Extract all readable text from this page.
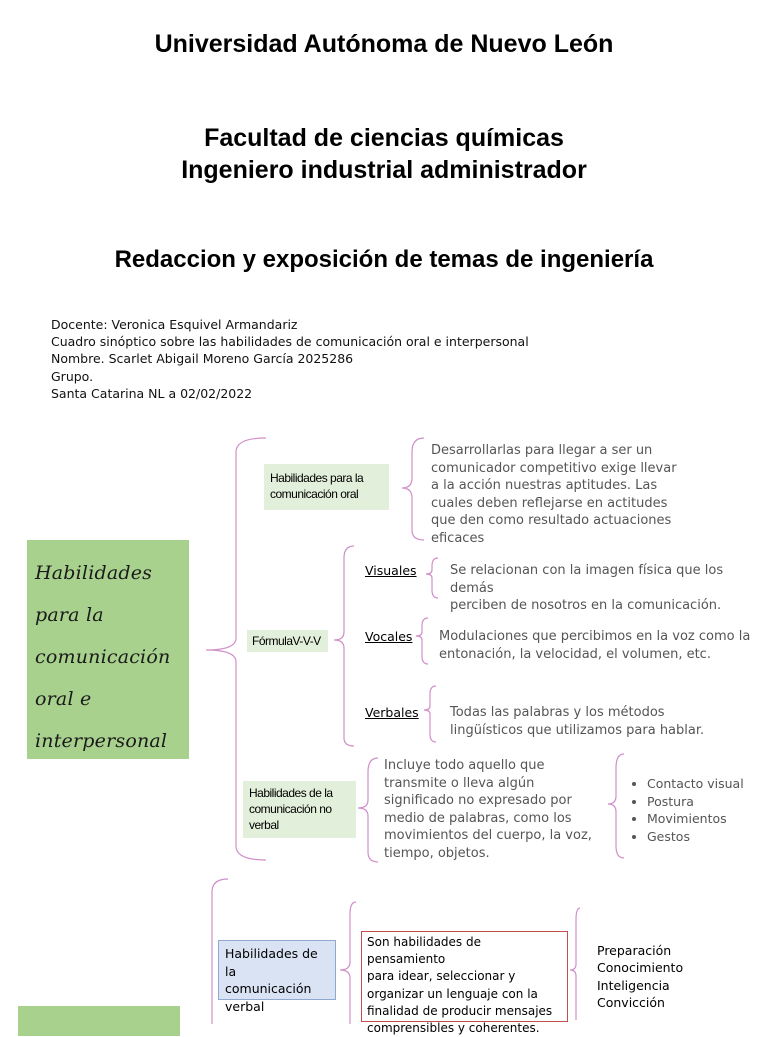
Universidad Autónoma de Nuevo León
Facultad de ciencias químicas
Ingeniero industrial administrador
Redaccion y exposición de temas de ingeniería
Docente: Veronica Esquivel Armandariz
Cuadro sinóptico sobre las habilidades de comunicación oral e interpersonal
Nombre. Scarlet Abigail Moreno García 2025286
Grupo.
Santa Catarina NL a 02/02/2022
Habilidades
para la
comunicación
oral e
interpersonal
Habilidades para la
comunicación oral
Desarrollarlas para llegar a ser un
comunicador competitivo exige llevar
a la acción nuestras aptitudes. Las
cuales deben reflejarse en actitudes
que den como resultado actuaciones
eficaces
FórmulaV-V-V
Visuales	Se relacionan con la imagen física que los demás
perciben de nosotros en la comunicación.
Vocales Modulaciones que percibimos en la voz como la
entonación, la velocidad, el volumen, etc.
Verbales Todas las palabras y los métodos
lingüísticos que utilizamos para hablar.
Habilidades de la
comunicación no
verbal
Incluye todo aquello que
transmite o lleva algún
significado no expresado por
medio de palabras, como los
movimientos del cuerpo, la voz,
tiempo, objetos.
• Contacto visual
• Postura
• Movimientos
• Gestos
Habilidades de la
comunicación
verbal
Son habilidades de pensamiento
para idear, seleccionar y
organizar un lenguaje con la
finalidad de producir mensajes
comprensibles y coherentes.
Preparación
Conocimiento
Inteligencia
Convicción
